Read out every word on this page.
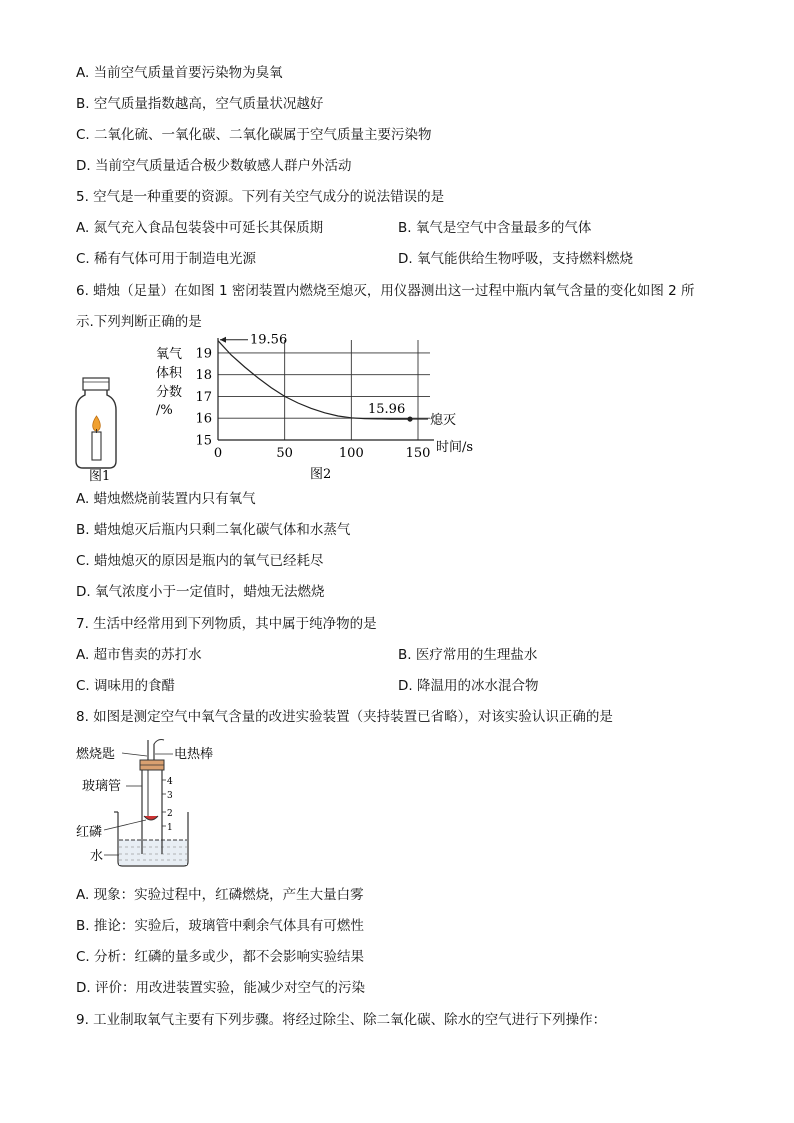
A. 当前空气质量首要污染物为臭氧
B. 空气质量指数越高，空气质量状况越好
C. 二氧化硫、一氧化碳、二氧化碳属于空气质量主要污染物
D. 当前空气质量适合极少数敏感人群户外活动
5. 空气是一种重要的资源。下列有关空气成分的说法错误的是
A. 氮气充入食品包装袋中可延长其保质期	B. 氧气是空气中含量最多的气体
C. 稀有气体可用于制造电光源	D. 氧气能供给生物呼吸，支持燃料燃烧
6. 蜡烛（足量）在如图 1 密闭装置内燃烧至熄灭，用仪器测出这一过程中瓶内氧气含量的变化如图 2 所
示.下列判断正确的是
图1
15
16
17
18
19
0	50	100	150
氧气
体积
分数
/%
时间/s
图2
19.56
15.96
熄灭
A. 蜡烛燃烧前装置内只有氧气
B. 蜡烛熄灭后瓶内只剩二氧化碳气体和水蒸气
C. 蜡烛熄灭的原因是瓶内的氧气已经耗尽
D. 氧气浓度小于一定值时，蜡烛无法燃烧
7. 生活中经常用到下列物质，其中属于纯净物的是
A. 超市售卖的苏打水	B. 医疗常用的生理盐水
C. 调味用的食醋	D. 降温用的冰水混合物
8. 如图是测定空气中氧气含量的改进实验装置（夹持装置已省略），对该实验认识正确的是
4
3
2
1
燃烧匙	电热棒
玻璃管
红磷
水
A. 现象：实验过程中，红磷燃烧，产生大量白雾
B. 推论：实验后，玻璃管中剩余气体具有可燃性
C. 分析：红磷的量多或少，都不会影响实验结果
D. 评价：用改进装置实验，能减少对空气的污染
9. 工业制取氧气主要有下列步骤。将经过除尘、除二氧化碳、除水的空气进行下列操作：
